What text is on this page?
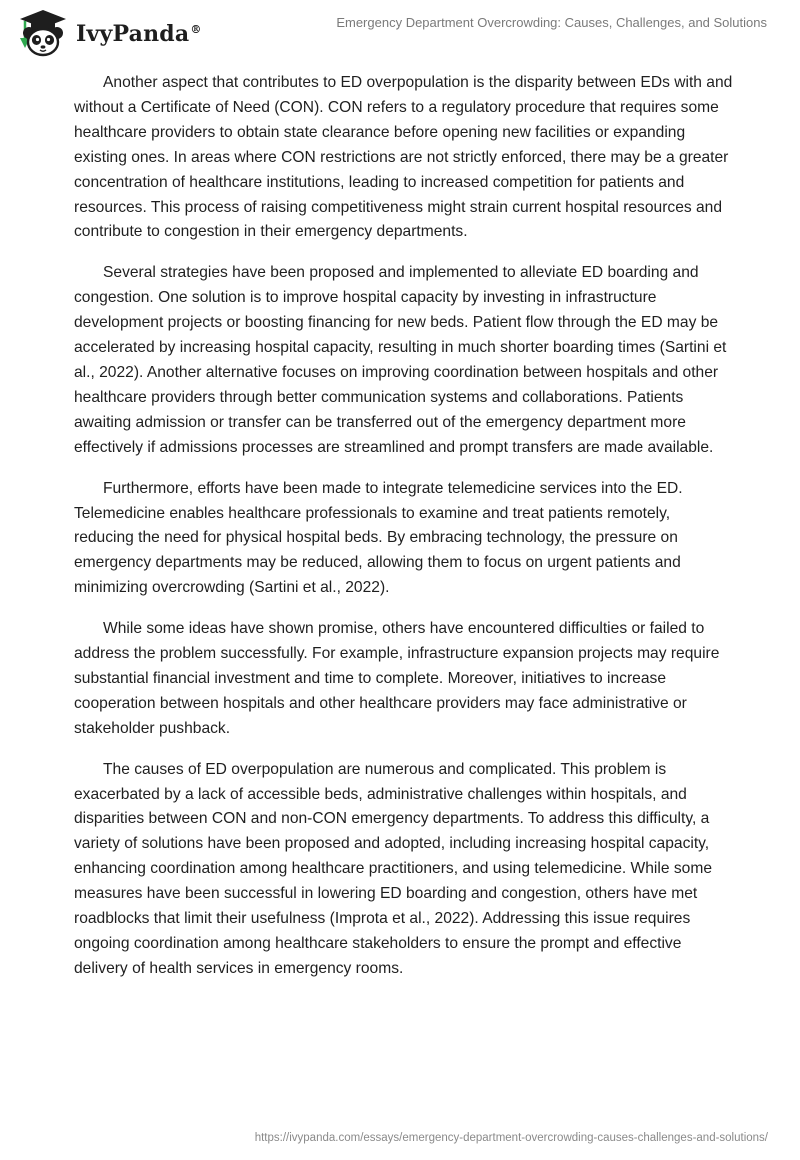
IvyPanda®	Emergency Department Overcrowding: Causes, Challenges, and Solutions

Another aspect that contributes to ED overpopulation is the disparity between EDs with and without a Certificate of Need (CON). CON refers to a regulatory procedure that requires some healthcare providers to obtain state clearance before opening new facilities or expanding existing ones. In areas where CON restrictions are not strictly enforced, there may be a greater concentration of healthcare institutions, leading to increased competition for patients and resources. This process of raising competitiveness might strain current hospital resources and contribute to congestion in their emergency departments.

Several strategies have been proposed and implemented to alleviate ED boarding and congestion. One solution is to improve hospital capacity by investing in infrastructure development projects or boosting financing for new beds. Patient flow through the ED may be accelerated by increasing hospital capacity, resulting in much shorter boarding times (Sartini et al., 2022). Another alternative focuses on improving coordination between hospitals and other healthcare providers through better communication systems and collaborations. Patients awaiting admission or transfer can be transferred out of the emergency department more effectively if admissions processes are streamlined and prompt transfers are made available.

Furthermore, efforts have been made to integrate telemedicine services into the ED. Telemedicine enables healthcare professionals to examine and treat patients remotely, reducing the need for physical hospital beds. By embracing technology, the pressure on emergency departments may be reduced, allowing them to focus on urgent patients and minimizing overcrowding (Sartini et al., 2022).

While some ideas have shown promise, others have encountered difficulties or failed to address the problem successfully. For example, infrastructure expansion projects may require substantial financial investment and time to complete. Moreover, initiatives to increase cooperation between hospitals and other healthcare providers may face administrative or stakeholder pushback.

The causes of ED overpopulation are numerous and complicated. This problem is exacerbated by a lack of accessible beds, administrative challenges within hospitals, and disparities between CON and non-CON emergency departments. To address this difficulty, a variety of solutions have been proposed and adopted, including increasing hospital capacity, enhancing coordination among healthcare practitioners, and using telemedicine. While some measures have been successful in lowering ED boarding and congestion, others have met roadblocks that limit their usefulness (Improta et al., 2022). Addressing this issue requires ongoing coordination among healthcare stakeholders to ensure the prompt and effective delivery of health services in emergency rooms.

https://ivypanda.com/essays/emergency-department-overcrowding-causes-challenges-and-solutions/
